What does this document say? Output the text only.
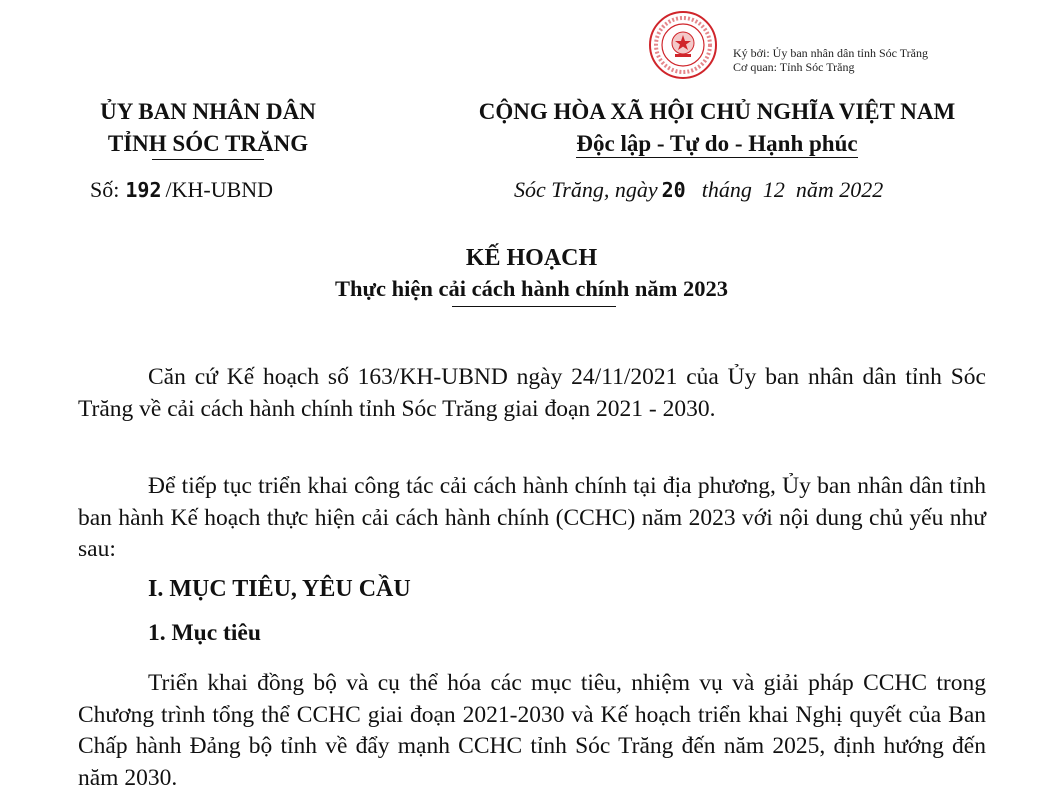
Ký bởi: Ủy ban nhân dân tỉnh Sóc Trăng
Cơ quan: Tỉnh Sóc Trăng
ỦY BAN NHÂN DÂN
TỈNH SÓC TRĂNG
CỘNG HÒA XÃ HỘI CHỦ NGHĨA VIỆT NAM
Độc lập - Tự do - Hạnh phúc
Số: 192 /KH-UBND	Sóc Trăng, ngày 20 tháng  12  năm 2022
KẾ HOẠCH
Thực hiện cải cách hành chính năm 2023

Căn cứ Kế hoạch số 163/KH-UBND ngày 24/11/2021 của Ủy ban nhân dân tỉnh Sóc Trăng về cải cách hành chính tỉnh Sóc Trăng giai đoạn 2021 - 2030.

Để tiếp tục triển khai công tác cải cách hành chính tại địa phương, Ủy ban nhân dân tỉnh ban hành Kế hoạch thực hiện cải cách hành chính (CCHC) năm 2023 với nội dung chủ yếu như sau:

I. MỤC TIÊU, YÊU CẦU
1. Mục tiêu

Triển khai đồng bộ và cụ thể hóa các mục tiêu, nhiệm vụ và giải pháp CCHC trong Chương trình tổng thể CCHC giai đoạn 2021-2030 và Kế hoạch triển khai Nghị quyết của Ban Chấp hành Đảng bộ tỉnh về đẩy mạnh CCHC tỉnh Sóc Trăng đến năm 2025, định hướng đến năm 2030.
